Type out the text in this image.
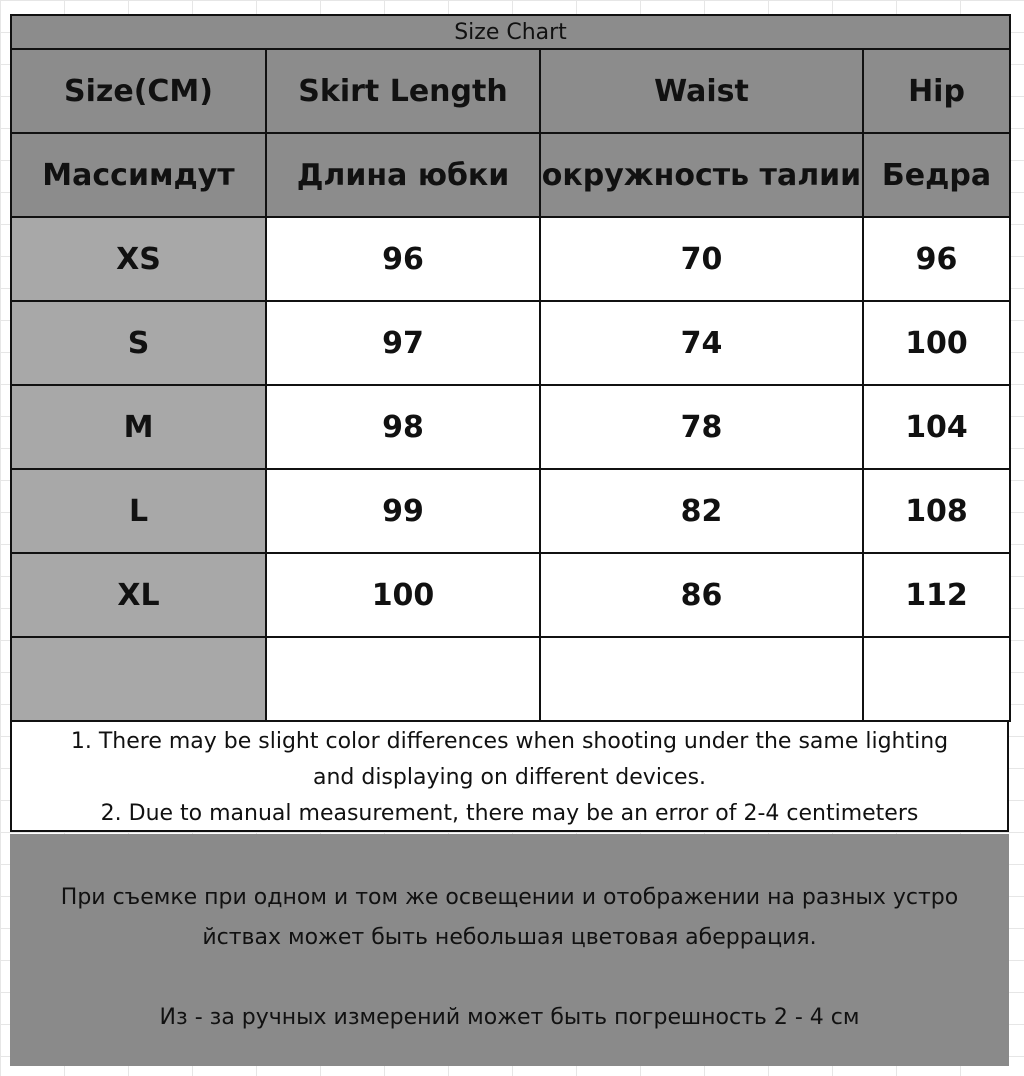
Size Chart			
Size(CM)	Skirt Length	Waist	Hip
Массимдут	Длина юбки	окружность талии	Бедра
XS	96	70	96
S	97	74	100
M	98	78	104
L	99	82	108
XL	100	86	112

1. There may be slight color differences when shooting under the same lighting
and displaying on different devices.
2. Due to manual measurement, there may be an error of 2-4 centimeters
При съемке при одном и том же освещении и отображении на разных устро
йствах может быть небольшая цветовая аберрация.
Из - за ручных измерений может быть погрешность 2 - 4 см
